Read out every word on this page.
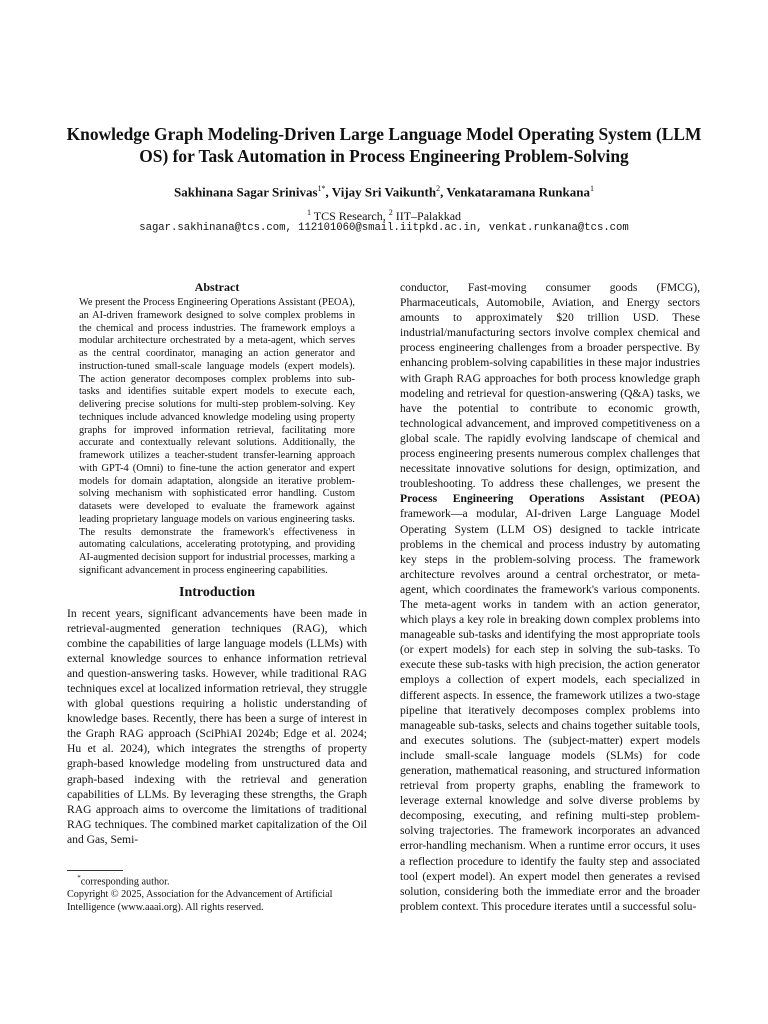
Knowledge Graph Modeling-Driven Large Language Model Operating System (LLM OS) for Task Automation in Process Engineering Problem-Solving
Sakhinana Sagar Srinivas$^{1*}$, Vijay Sri Vaikunth$^2$, Venkataramana Runkana$^1$
$^1$ TCS Research, $^2$ IIT–Palakkad
sagar.sakhinana@tcs.com, 112101060@smail.iitpkd.ac.in, venkat.runkana@tcs.com
Abstract

We present the Process Engineering Operations Assistant (PEOA), an AI-driven framework designed to solve complex problems in the chemical and process industries. The framework employs a modular architecture orchestrated by a meta-agent, which serves as the central coordinator, managing an action generator and instruction-tuned small-scale language models (expert models). The action generator decomposes complex problems into sub-tasks and identifies suitable expert models to execute each, delivering precise solutions for multi-step problem-solving. Key techniques include advanced knowledge modeling using property graphs for improved information retrieval, facilitating more accurate and contextually relevant solutions. Additionally, the framework utilizes a teacher-student transfer-learning approach with GPT-4 (Omni) to fine-tune the action generator and expert models for domain adaptation, alongside an iterative problem-solving mechanism with sophisticated error handling. Custom datasets were developed to evaluate the framework against leading proprietary language models on various engineering tasks. The results demonstrate the framework's effectiveness in automating calculations, accelerating prototyping, and providing AI-augmented decision support for industrial processes, marking a significant advancement in process engineering capabilities.

Introduction

In recent years, significant advancements have been made in retrieval-augmented generation techniques (RAG), which combine the capabilities of large language models (LLMs) with external knowledge sources to enhance information retrieval and question-answering tasks. However, while traditional RAG techniques excel at localized information retrieval, they struggle with global questions requiring a holistic understanding of knowledge bases. Recently, there has been a surge of interest in the Graph RAG approach (SciPhiAI 2024b; Edge et al. 2024; Hu et al. 2024), which integrates the strengths of property graph-based knowledge modeling from unstructured data and graph-based indexing with the retrieval and generation capabilities of LLMs. By leveraging these strengths, the Graph RAG approach aims to overcome the limitations of traditional RAG techniques. The combined market capitalization of the Oil and Gas, Semi-

conductor, Fast-moving consumer goods (FMCG), Pharmaceuticals, Automobile, Aviation, and Energy sectors amounts to approximately $20 trillion USD. These industrial/manufacturing sectors involve complex chemical and process engineering challenges from a broader perspective. By enhancing problem-solving capabilities in these major industries with Graph RAG approaches for both process knowledge graph modeling and retrieval for question-answering (Q&A) tasks, we have the potential to contribute to economic growth, technological advancement, and improved competitiveness on a global scale. The rapidly evolving landscape of chemical and process engineering presents numerous complex challenges that necessitate innovative solutions for design, optimization, and troubleshooting. To address these challenges, we present the Process Engineering Operations Assistant (PEOA) framework—a modular, AI-driven Large Language Model Operating System (LLM OS) designed to tackle intricate problems in the chemical and process industry by automating key steps in the problem-solving process. The framework architecture revolves around a central orchestrator, or meta-agent, which coordinates the framework's various components. The meta-agent works in tandem with an action generator, which plays a key role in breaking down complex problems into manageable sub-tasks and identifying the most appropriate tools (or expert models) for each step in solving the sub-tasks. To execute these sub-tasks with high precision, the action generator employs a collection of expert models, each specialized in different aspects. In essence, the framework utilizes a two-stage pipeline that iteratively decomposes complex problems into manageable sub-tasks, selects and chains together suitable tools, and executes solutions. The (subject-matter) expert models include small-scale language models (SLMs) for code generation, mathematical reasoning, and structured information retrieval from property graphs, enabling the framework to leverage external knowledge and solve diverse problems by decomposing, executing, and refining multi-step problem-solving trajectories. The framework incorporates an advanced error-handling mechanism. When a runtime error occurs, it uses a reflection procedure to identify the faulty step and associated tool (expert model). An expert model then generates a revised solution, considering both the immediate error and the broader problem context. This procedure iterates until a successful solu-

*corresponding author.
Copyright © 2025, Association for the Advancement of Artificial Intelligence (www.aaai.org). All rights reserved.
